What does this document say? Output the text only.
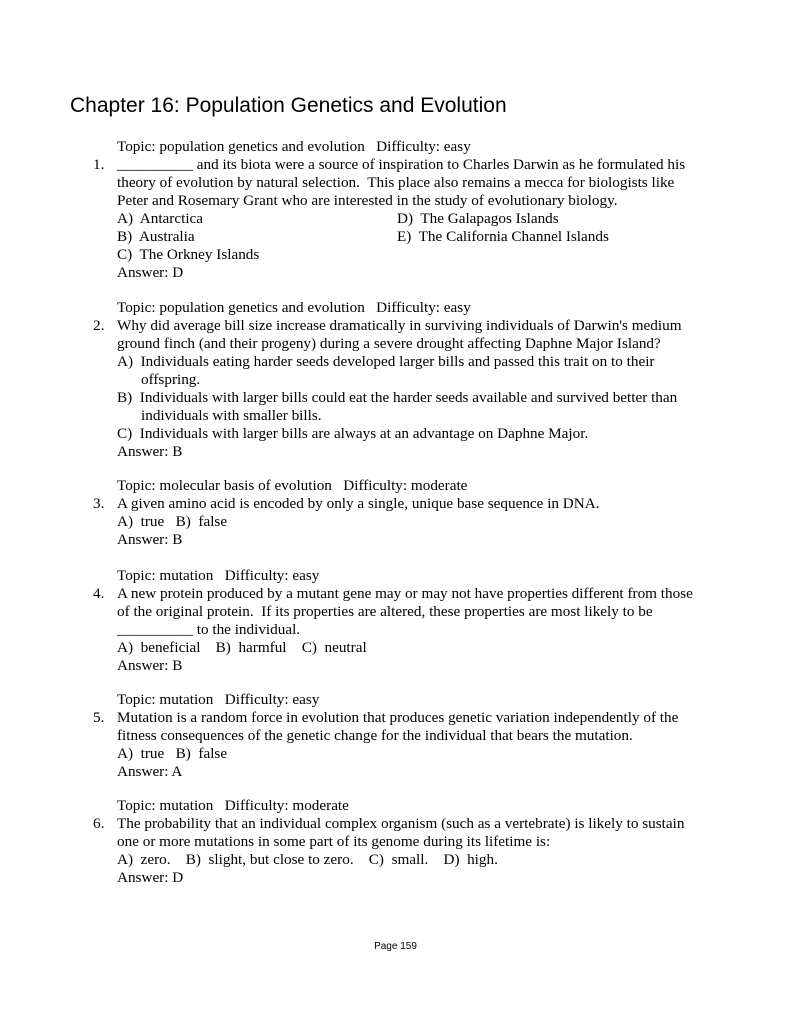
Chapter 16: Population Genetics and Evolution
Topic: population genetics and evolution   Difficulty: easy
1. __________ and its biota were a source of inspiration to Charles Darwin as he formulated his
theory of evolution by natural selection.  This place also remains a mecca for biologists like
Peter and Rosemary Grant who are interested in the study of evolutionary biology.
A)  Antarctica	D)  The Galapagos Islands
B)  Australia	E)  The California Channel Islands
C)  The Orkney Islands
Answer: D
Topic: population genetics and evolution   Difficulty: easy
2. Why did average bill size increase dramatically in surviving individuals of Darwin's medium
ground finch (and their progeny) during a severe drought affecting Daphne Major Island?
A)  Individuals eating harder seeds developed larger bills and passed this trait on to their
offspring.
B)  Individuals with larger bills could eat the harder seeds available and survived better than
individuals with smaller bills.
C)  Individuals with larger bills are always at an advantage on Daphne Major.
Answer: B
Topic: molecular basis of evolution   Difficulty: moderate
3. A given amino acid is encoded by only a single, unique base sequence in DNA.
A)  true   B)  false
Answer: B
Topic: mutation   Difficulty: easy
4. A new protein produced by a mutant gene may or may not have properties different from those
of the original protein.  If its properties are altered, these properties are most likely to be
__________ to the individual.
A)  beneficial    B)  harmful    C)  neutral
Answer: B
Topic: mutation   Difficulty: easy
5. Mutation is a random force in evolution that produces genetic variation independently of the
fitness consequences of the genetic change for the individual that bears the mutation.
A)  true   B)  false
Answer: A
Topic: mutation   Difficulty: moderate
6. The probability that an individual complex organism (such as a vertebrate) is likely to sustain
one or more mutations in some part of its genome during its lifetime is:
A)  zero.    B)  slight, but close to zero.    C)  small.    D)  high.
Answer: D
Page 159
